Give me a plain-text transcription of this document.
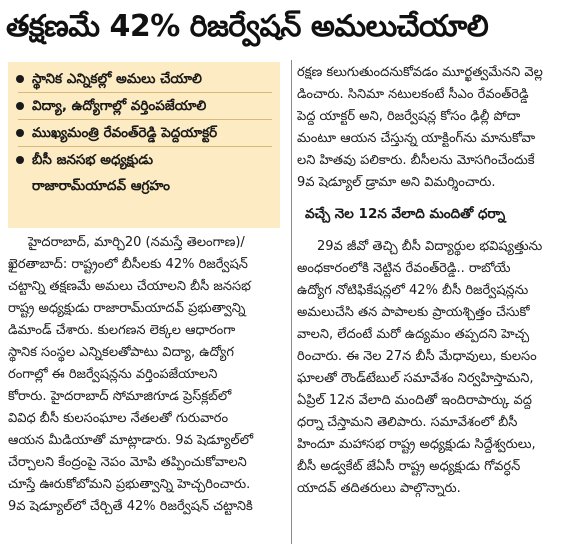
తక్షణమే 42% రిజర్వేషన్ అమలుచేయాలి
స్థానిక ఎన్నికల్లో అమలు చేయాలి
విద్యా, ఉద్యోగాల్లో వర్తింపజేయాలి
ముఖ్యమంత్రి రేవంత్‌రెడ్డి పెద్దయాక్టర్
బీసీ జనసభ అధ్యక్షుడు
రాజారామ్‌యాదవ్ ఆగ్రహం
హైదరాబాద్, మార్చి20 (నమస్తే తెలంగాణ)/
ఖైరతాబాద్: రాష్ట్రంలో బీసీలకు 42% రిజర్వేషన్
చట్టాన్ని తక్షణమే అమలు చేయాలని బీసీ జనసభ
రాష్ట్ర అధ్యక్షుడు రాజారామ్‌యాదవ్ ప్రభుత్వాన్ని
డిమాండ్ చేశారు. కులగణన లెక్కల ఆధారంగా
స్థానిక సంస్థల ఎన్నికలతోపాటు విద్యా, ఉద్యోగ
రంగాల్లో ఈ రిజర్వేషన్లను వర్తింపజేయాలని
కోరారు. హైదరాబాద్ సోమాజిగూడ ప్రెస్‌క్లబ్‌లో
వివిధ బీసీ కులసంఘాల నేతలతో గురువారం
ఆయన మీడియాతో మాట్లాడారు. 9వ షెడ్యూల్‌లో
చేర్చాలని కేంద్రంపై నెపం మోపి తప్పించుకోవాలని
చూస్తే ఊరుకోబోమని ప్రభుత్వాన్ని హెచ్చరించారు.
9వ షెడ్యూల్‌లో చేర్చితే 42% రిజర్వేషన్ చట్టానికి
రక్షణ కలుగుతుందనుకోవడం మూర్ఖత్వమేనని వెల్ల
డించారు. సినిమా నటులకంటే సీఎం రేవంత్‌రెడ్డి
పెద్ద యాక్టర్ అని, రిజర్వేషన్ల కోసం ఢిల్లీ పోదా
మంటూ ఆయన చేస్తున్న యాక్టింగ్‌ను మానుకోవా
లని హితవు పలికారు. బీసీలను మోసగించేందుకే
9వ షెడ్యూల్ డ్రామా అని విమర్శించారు.
వచ్చే నెల 12న వేలాది మందితో ధర్నా
29వ జీవో తెచ్చి బీసీ విద్యార్థుల భవిష్యత్తును
అంధకారంలోకి నెట్టిన రేవంత్‌రెడ్డి.. రాబోయే
ఉద్యోగ నోటిఫికేషన్లలో 42% బీసీ రిజర్వేషన్లను
అమలుచేసి తన పాపాలకు ప్రాయశ్చిత్తం చేసుకో
వాలని, లేదంటే మరో ఉద్యమం తప్పదని హెచ్చ
రించారు. ఈ నెల 27న బీసీ మేధావులు, కులసం
ఘాలతో రౌండ్‌టేబుల్ సమావేశం నిర్వహిస్తామని,
ఏప్రిల్ 12న వేలాది మందితో ఇందిరాపార్కు వద్ద
ధర్నా చేస్తామని తెలిపారు. సమావేశంలో బీసీ
హిందూ మహాసభ రాష్ట్ర అధ్యక్షుడు సిద్దేశ్వరులు,
బీసీ అడ్వకేట్ జేఏసీ రాష్ట్ర అధ్యక్షుడు గోవర్ధన్
యాదవ్ తదితరులు పాల్గొన్నారు.
